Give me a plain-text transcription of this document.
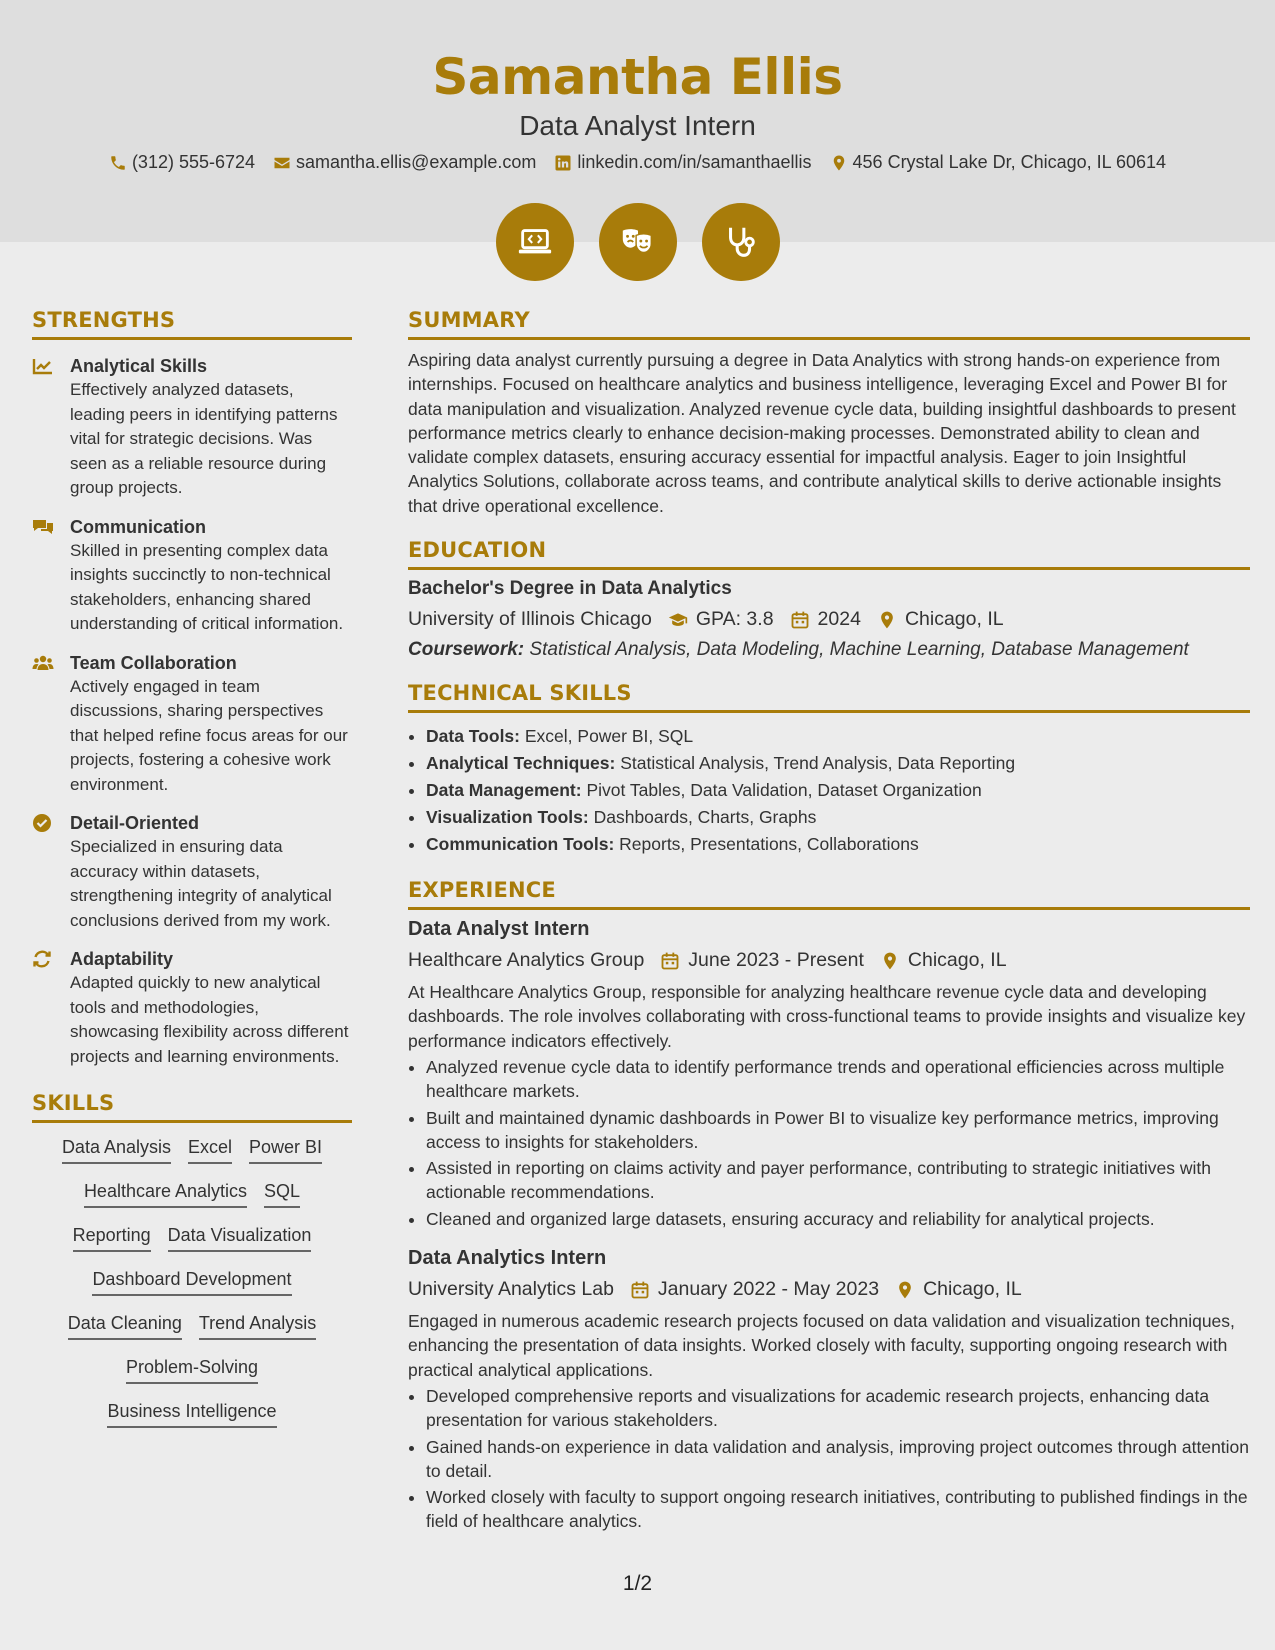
Samantha Ellis
Data Analyst Intern
(312) 555-6724 samantha.ellis@example.com linkedin.com/in/samanthaellis 456 Crystal Lake Dr, Chicago, IL 60614
STRENGTHS
Analytical Skills
Effectively analyzed datasets, leading peers in identifying patterns vital for strategic decisions. Was seen as a reliable resource during group projects.
Communication
Skilled in presenting complex data insights succinctly to non-technical stakeholders, enhancing shared understanding of critical information.
Team Collaboration
Actively engaged in team discussions, sharing perspectives that helped refine focus areas for our projects, fostering a cohesive work environment.
Detail-Oriented
Specialized in ensuring data accuracy within datasets, strengthening integrity of analytical conclusions derived from my work.
Adaptability
Adapted quickly to new analytical tools and methodologies, showcasing flexibility across different projects and learning environments.
SKILLS
Data Analysis Excel Power BI
Healthcare Analytics SQL
Reporting Data Visualization
Dashboard Development
Data Cleaning Trend Analysis
Problem-Solving
Business Intelligence
SUMMARY
Aspiring data analyst currently pursuing a degree in Data Analytics with strong hands-on experience from internships. Focused on healthcare analytics and business intelligence, leveraging Excel and Power BI for data manipulation and visualization. Analyzed revenue cycle data, building insightful dashboards to present performance metrics clearly to enhance decision-making processes. Demonstrated ability to clean and validate complex datasets, ensuring accuracy essential for impactful analysis. Eager to join Insightful Analytics Solutions, collaborate across teams, and contribute analytical skills to derive actionable insights that drive operational excellence.
EDUCATION
Bachelor's Degree in Data Analytics
University of Illinois Chicago GPA: 3.8 2024 Chicago, IL
Coursework: Statistical Analysis, Data Modeling, Machine Learning, Database Management
TECHNICAL SKILLS
• Data Tools: Excel, Power BI, SQL
• Analytical Techniques: Statistical Analysis, Trend Analysis, Data Reporting
• Data Management: Pivot Tables, Data Validation, Dataset Organization
• Visualization Tools: Dashboards, Charts, Graphs
• Communication Tools: Reports, Presentations, Collaborations
EXPERIENCE
Data Analyst Intern
Healthcare Analytics Group June 2023 - Present Chicago, IL
At Healthcare Analytics Group, responsible for analyzing healthcare revenue cycle data and developing dashboards. The role involves collaborating with cross-functional teams to provide insights and visualize key performance indicators effectively.
• Analyzed revenue cycle data to identify performance trends and operational efficiencies across multiple healthcare markets.
• Built and maintained dynamic dashboards in Power BI to visualize key performance metrics, improving access to insights for stakeholders.
• Assisted in reporting on claims activity and payer performance, contributing to strategic initiatives with actionable recommendations.
• Cleaned and organized large datasets, ensuring accuracy and reliability for analytical projects.
Data Analytics Intern
University Analytics Lab January 2022 - May 2023 Chicago, IL
Engaged in numerous academic research projects focused on data validation and visualization techniques, enhancing the presentation of data insights. Worked closely with faculty, supporting ongoing research with practical analytical applications.
• Developed comprehensive reports and visualizations for academic research projects, enhancing data presentation for various stakeholders.
• Gained hands-on experience in data validation and analysis, improving project outcomes through attention to detail.
• Worked closely with faculty to support ongoing research initiatives, contributing to published findings in the field of healthcare analytics.
1/2
